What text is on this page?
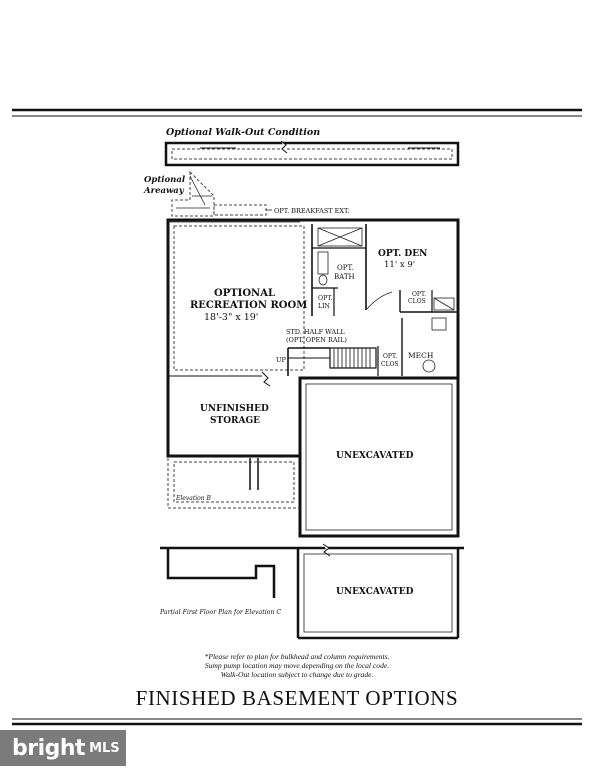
Optional Walk-Out Condition
Optional
Areaway
OPT. BREAKFAST EXT.
OPT.
BATH
OPT.
LIN
OPT. DEN
11' x 9'
OPT.
CLOS
MECH
OPT.
CLOS
OPTIONAL
RECREATION ROOM
18'-3" x 19'
STD. HALF WALL
(OPT. OPEN RAIL)
UP
UNFINISHED
STORAGE
UNEXCAVATED
Elevation B
UNEXCAVATED
Partial First Floor Plan for Elevation C
*Please refer to plan for bulkhead and column requirements.
Sump pump location may move depending on the local code.
Walk-Out location subject to change due to grade.
FINISHED BASEMENT OPTIONS
bright MLS
